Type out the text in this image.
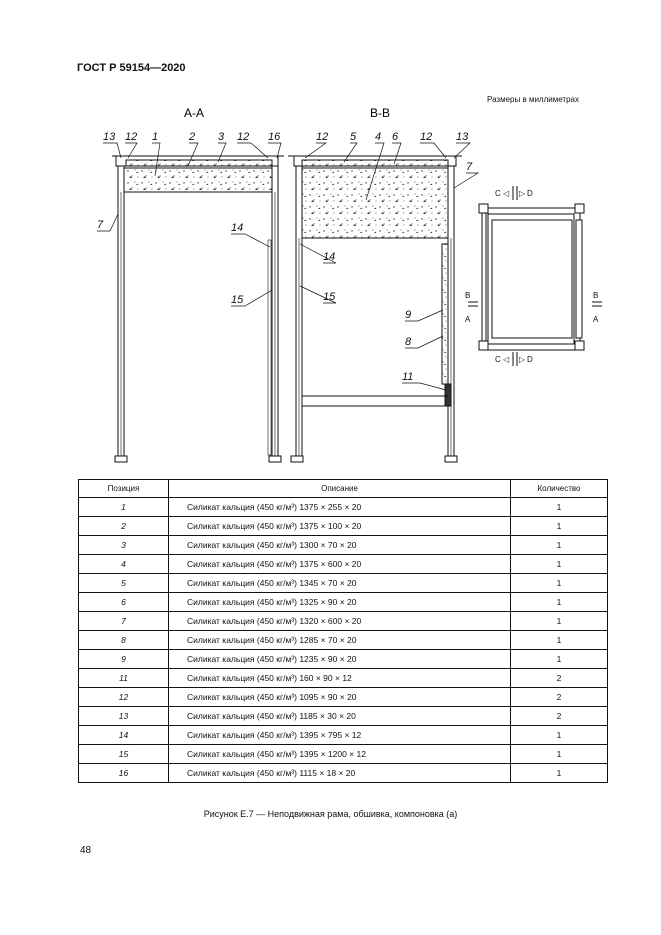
ГОСТ Р 59154—2020
Размеры в миллиметрах
А-А	В-В
13 12 1	2 3 12 16
7	14
15
12 5 4 6 12 13
7
14
15
9
8
11
C ◁ ▷ D
C ◁ ▷ D
B
A
B
A
Позиция	Описание	Количество
1	Силикат кальция (450 кг/м³) 1375 × 255 × 20	1
2	Силикат кальция (450 кг/м³) 1375 × 100 × 20	1
3	Силикат кальция (450 кг/м³) 1300 × 70 × 20	1
4	Силикат кальция (450 кг/м³) 1375 × 600 × 20	1
5	Силикат кальция (450 кг/м³) 1345 × 70 × 20	1
6	Силикат кальция (450 кг/м³) 1325 × 90 × 20	1
7	Силикат кальция (450 кг/м³) 1320 × 600 × 20	1
8	Силикат кальция (450 кг/м³) 1285 × 70 × 20	1
9	Силикат кальция (450 кг/м³) 1235 × 90 × 20	1
11	Силикат кальция (450 кг/м³) 160 × 90 × 12	2
12	Силикат кальция (450 кг/м³) 1095 × 90 × 20	2
13	Силикат кальция (450 кг/м³) 1185 × 30 × 20	2
14	Силикат кальция (450 кг/м³) 1395 × 795 × 12	1
15	Силикат кальция (450 кг/м³) 1395 × 1200 × 12	1
16	Силикат кальция (450 кг/м³) 1115 × 18 × 20	1
Рисунок Е.7 — Неподвижная рама, обшивка, компоновка (а)
48
